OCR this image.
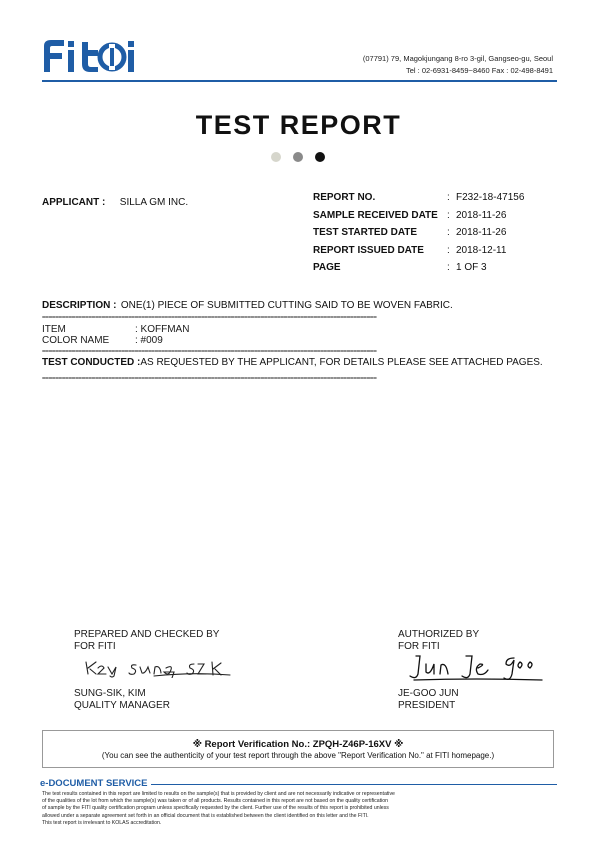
(07791) 79, Magokjungang 8-ro 3-gil, Gangseo-gu, Seoul
Tel : 02-6931-8459~8460 Fax : 02-498-8491
TEST REPORT
APPLICANT : SILLA GM INC.	REPORT NO.	: F232-18-47156
SAMPLE RECEIVED DATE : 2018-11-26
TEST STARTED DATE	: 2018-11-26
REPORT ISSUED DATE : 2018-12-11
PAGE	: 1 OF 3
DESCRIPTION : ONE(1) PIECE OF SUBMITTED CUTTING SAID TO BE WOVEN FABRIC.
=====================================================================================================
ITEM	: KOFFMAN
COLOR NAME	: #009
=====================================================================================================
TEST CONDUCTED :AS REQUESTED BY THE APPLICANT, FOR DETAILS PLEASE SEE ATTACHED PAGES.
=====================================================================================================
PREPARED AND CHECKED BY
FOR FITI
SUNG-SIK, KIM
QUALITY MANAGER
AUTHORIZED BY
FOR FITI
JE-GOO JUN
PRESIDENT
※ Report Verification No.: ZPQH-Z46P-16XV ※
(You can see the authenticity of your test report through the above "Report Verification No." at FITI homepage.)
e-DOCUMENT SERVICE
The test results contained in this report are limited to results on the sample(s) that is provided by client and are not necessarily indicative or representative
of the qualities of the lot from which the sample(s) was taken or of all products. Results contained in this report are not based on the quality certification
of sample by the FITI quality certification program unless specifically requested by the client. Further use of the results of this report is prohibited unless
allowed under a separate agreement set forth in an official document that is established between the client identified on this letter and the FITI.
This test report is irrelevant to KOLAS accreditation.
